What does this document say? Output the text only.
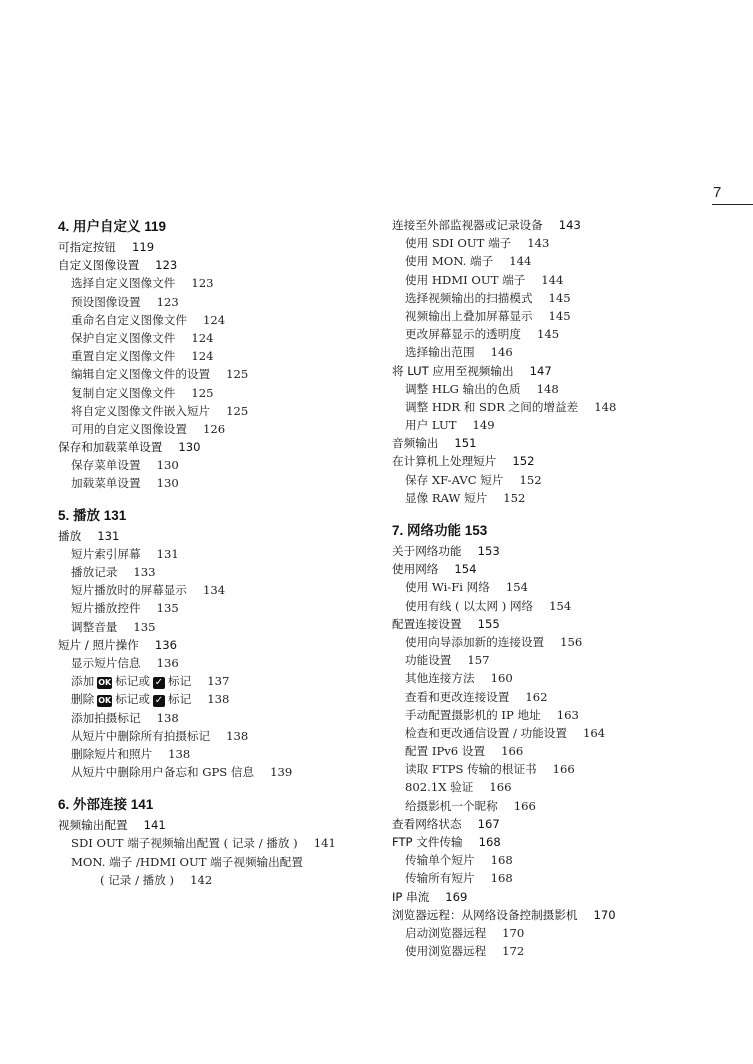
7
4. 用户自定义 119
可指定按钮 119
自定义图像设置 123
选择自定义图像文件 123
预设图像设置 123
重命名自定义图像文件 124
保护自定义图像文件 124
重置自定义图像文件 124
编辑自定义图像文件的设置 125
复制自定义图像文件 125
将自定义图像文件嵌入短片 125
可用的自定义图像设置 126
保存和加载菜单设置 130
保存菜单设置 130
加载菜单设置 130
5. 播放 131
播放 131
短片索引屏幕 131
播放记录 133
短片播放时的屏幕显示 134
短片播放控件 135
调整音量 135
短片 / 照片操作 136
显示短片信息 136
添加 OK 标记或 ✓ 标记 137
删除 OK 标记或 ✓ 标记 138
添加拍摄标记 138
从短片中删除所有拍摄标记 138
删除短片和照片 138
从短片中删除用户备忘和 GPS 信息 139
6. 外部连接 141
视频输出配置 141
SDI OUT 端子视频输出配置 ( 记录 / 播放 ) 141
MON. 端子 /HDMI OUT 端子视频输出配置
( 记录 / 播放 ) 142
连接至外部监视器或记录设备 143
使用 SDI OUT 端子 143
使用 MON. 端子 144
使用 HDMI OUT 端子 144
选择视频输出的扫描模式 145
视频输出上叠加屏幕显示 145
更改屏幕显示的透明度 145
选择输出范围 146
将 LUT 应用至视频输出 147
调整 HLG 输出的色质 148
调整 HDR 和 SDR 之间的增益差 148
用户 LUT 149
音频输出 151
在计算机上处理短片 152
保存 XF-AVC 短片 152
显像 RAW 短片 152
7. 网络功能 153
关于网络功能 153
使用网络 154
使用 Wi-Fi 网络 154
使用有线 ( 以太网 ) 网络 154
配置连接设置 155
使用向导添加新的连接设置 156
功能设置 157
其他连接方法 160
查看和更改连接设置 162
手动配置摄影机的 IP 地址 163
检查和更改通信设置 / 功能设置 164
配置 IPv6 设置 166
读取 FTPS 传输的根证书 166
802.1X 验证 166
给摄影机一个昵称 166
查看网络状态 167
FTP 文件传输 168
传输单个短片 168
传输所有短片 168
IP 串流 169
浏览器远程：从网络设备控制摄影机 170
启动浏览器远程 170
使用浏览器远程 172
